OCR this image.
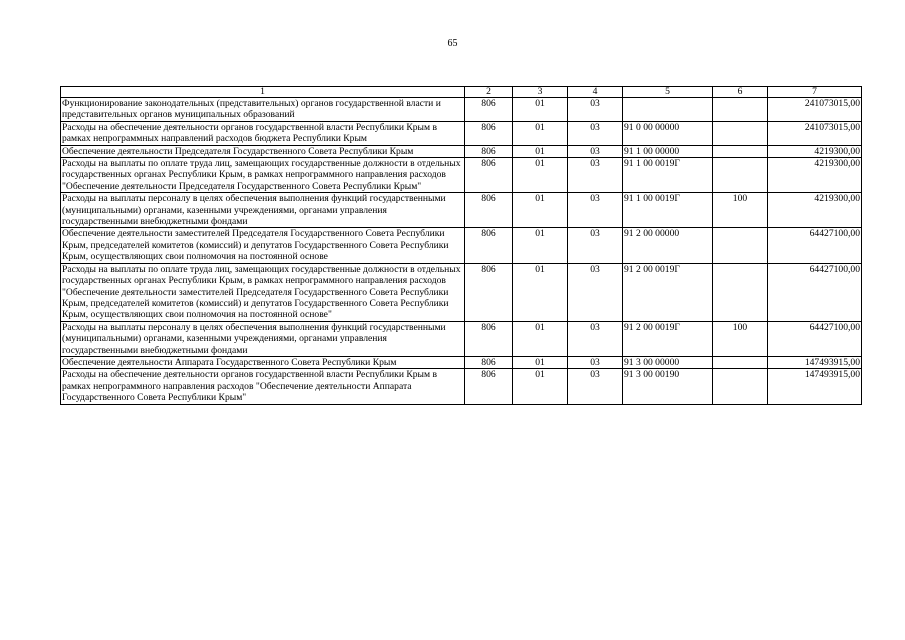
65
1	2	3	4	5	6	7
Функционирование законодательных (представительных) органов государственной власти и представительных органов муниципальных образований	806	01	03			241073015,00
Расходы на обеспечение деятельности органов государственной власти Республики Крым в рамках непрограммных направлений расходов бюджета Республики Крым	806	01	03	91 0 00 00000		241073015,00
Обеспечение деятельности Председателя Государственного Совета Республики Крым	806	01	03	91 1 00 00000		4219300,00
Расходы на выплаты по оплате труда лиц, замещающих государственные должности в отдельных государственных органах Республики Крым, в рамках непрограммного направления расходов "Обеспечение деятельности Председателя Государственного Совета Республики Крым"	806	01	03	91 1 00 0019Г		4219300,00
Расходы на выплаты персоналу в целях обеспечения выполнения функций государственными (муниципальными) органами, казенными учреждениями, органами управления государственными внебюджетными фондами	806	01	03	91 1 00 0019Г	100	4219300,00
Обеспечение деятельности заместителей Председателя Государственного Совета Республики Крым, председателей комитетов (комиссий) и депутатов Государственного Совета Республики Крым, осуществляющих свои полномочия на постоянной основе	806	01	03	91 2 00 00000		64427100,00
Расходы на выплаты по оплате труда лиц, замещающих государственные должности в отдельных государственных органах Республики Крым, в рамках непрограммного направления расходов "Обеспечение деятельности заместителей Председателя Государственного Совета Республики Крым, председателей комитетов (комиссий) и депутатов Государственного Совета Республики Крым, осуществляющих свои полномочия на постоянной основе"	806	01	03	91 2 00 0019Г		64427100,00
Расходы на выплаты персоналу в целях обеспечения выполнения функций государственными (муниципальными) органами, казенными учреждениями, органами управления государственными внебюджетными фондами	806	01	03	91 2 00 0019Г	100	64427100,00
Обеспечение деятельности Аппарата Государственного Совета Республики Крым	806	01	03	91 3 00 00000		147493915,00
Расходы на обеспечение деятельности органов государственной власти Республики Крым в рамках непрограммного направления расходов "Обеспечение деятельности Аппарата Государственного Совета Республики Крым"	806	01	03	91 3 00 00190		147493915,00
